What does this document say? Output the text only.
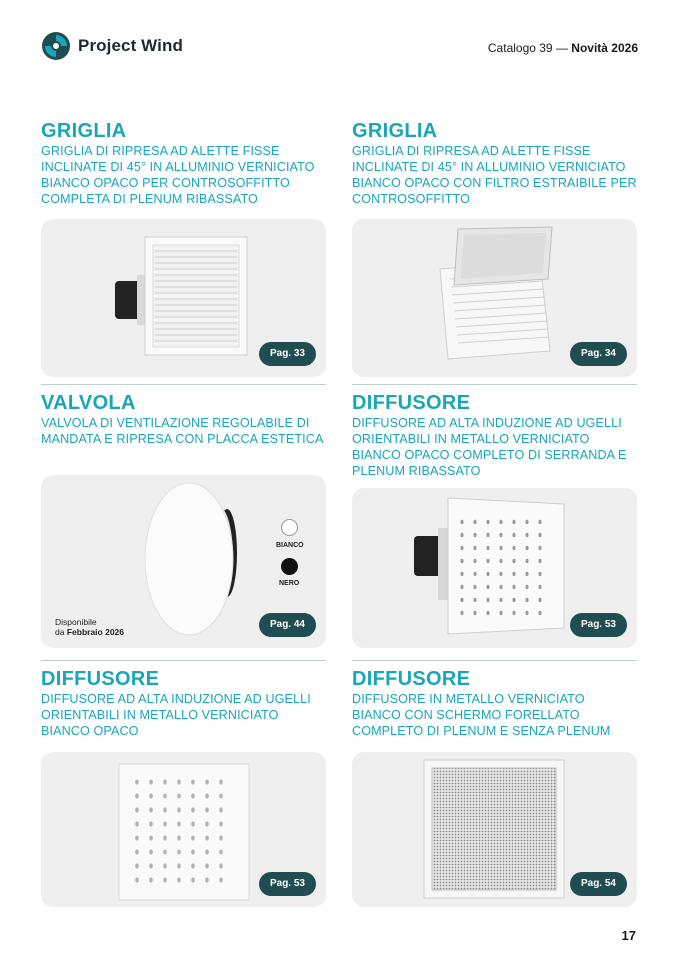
Project Wind	Catalogo 39 — Novità 2026
GRIGLIA
GRIGLIA DI RIPRESA AD ALETTE FISSE INCLINATE DI 45° IN ALLUMINIO VERNICIATO BIANCO OPACO PER CONTROSOFFITTO COMPLETA DI PLENUM RIBASSATO
Pag. 33
GRIGLIA
GRIGLIA DI RIPRESA AD ALETTE FISSE INCLINATE DI 45° IN ALLUMINIO VERNICIATO BIANCO OPACO CON FILTRO ESTRAIBILE PER CONTROSOFFITTO
Pag. 34
VALVOLA
VALVOLA DI VENTILAZIONE REGOLABILE DI MANDATA E RIPRESA CON PLACCA ESTETICA
BIANCO
NERO
Disponibile
da Febbraio 2026
Pag. 44
DIFFUSORE
DIFFUSORE AD ALTA INDUZIONE AD UGELLI ORIENTABILI IN METALLO VERNICIATO BIANCO OPACO COMPLETO DI SERRANDA E PLENUM RIBASSATO
Pag. 53
DIFFUSORE
DIFFUSORE AD ALTA INDUZIONE AD UGELLI ORIENTABILI IN METALLO VERNICIATO BIANCO OPACO
Pag. 53
DIFFUSORE
DIFFUSORE IN METALLO VERNICIATO BIANCO CON SCHERMO FORELLATO COMPLETO DI PLENUM E SENZA PLENUM
Pag. 54
17
